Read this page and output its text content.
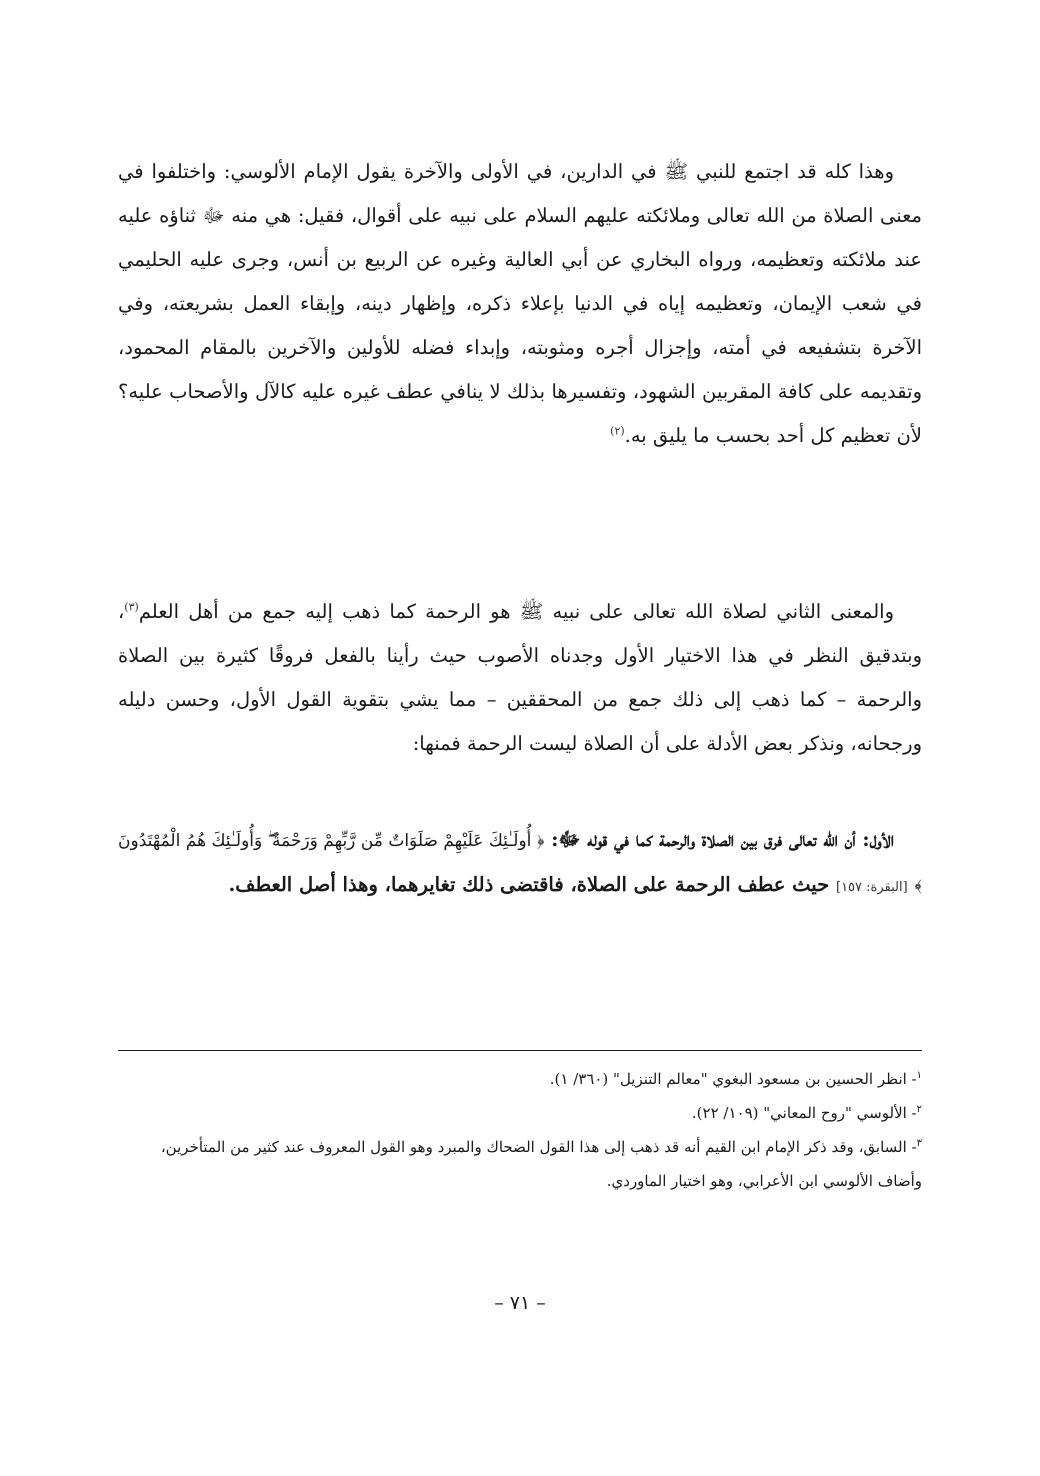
وهذا كله قد اجتمع للنبي ﷺ في الدارين، في الأولى والآخرة يقول الإمام الألوسي: واختلفوا في معنى الصلاة من الله تعالى وملائكته عليهم السلام على نبيه على أقوال، فقيل: هي منه ﷻ ثناؤه عليه عند ملائكته وتعظيمه، ورواه البخاري عن أبي العالية وغيره عن الربيع بن أنس، وجرى عليه الحليمي في شعب الإيمان، وتعظيمه إياه في الدنيا بإعلاء ذكره، وإظهار دينه، وإبقاء العمل بشريعته، وفي الآخرة بتشفيعه في أمته، وإجزال أجره ومثوبته، وإبداء فضله للأولين والآخرين بالمقام المحمود، وتقديمه على كافة المقربين الشهود، وتفسيرها بذلك لا ينافي عطف غيره عليه كالآل والأصحاب عليه؟ لأن تعظيم كل أحد بحسب ما يليق به.$^{(٢)}$

والمعنى الثاني لصلاة الله تعالى على نبيه ﷺ هو الرحمة كما ذهب إليه جمع من أهل العلم$^{(٣)}$، وبتدقيق النظر في هذا الاختيار الأول وجدناه الأصوب حيث رأينا بالفعل فروقًا كثيرة بين الصلاة والرحمة – كما ذهب إلى ذلك جمع من المحققين – مما يشي بتقوية القول الأول، وحسن دليله ورجحانه، ونذكر بعض الأدلة على أن الصلاة ليست الرحمة فمنها:

الأول: أن الله تعالى فرق بين الصلاة والرحمة كما في قوله ﷻ: ﴿ أُولَـٰئِكَ عَلَيْهِمْ صَلَوَاتٌ مِّن رَّبِّهِمْ وَرَحْمَةٌ ۖ وَأُولَـٰئِكَ هُمُ الْمُهْتَدُونَ ﴾ [البقرة: ١٥٧] حيث عطف الرحمة على الصلاة، فاقتضى ذلك تغايرهما، وهذا أصل العطف.

$^١$- انظر الحسين بن مسعود البغوي "معالم التنزيل" (٣٦٠/ ١).

$^٢$- الألوسي "روح المعاني" (١٠٩/ ٢٢).

$^٣$- السابق، وقد ذكر الإمام ابن القيم أنه قد ذهب إلى هذا القول الضحاك والمبرد وهو القول المعروف عند كثير من المتأخرين، وأضاف الألوسي ابن الأعرابي، وهو اختيار الماوردي.

– ٧١ –
